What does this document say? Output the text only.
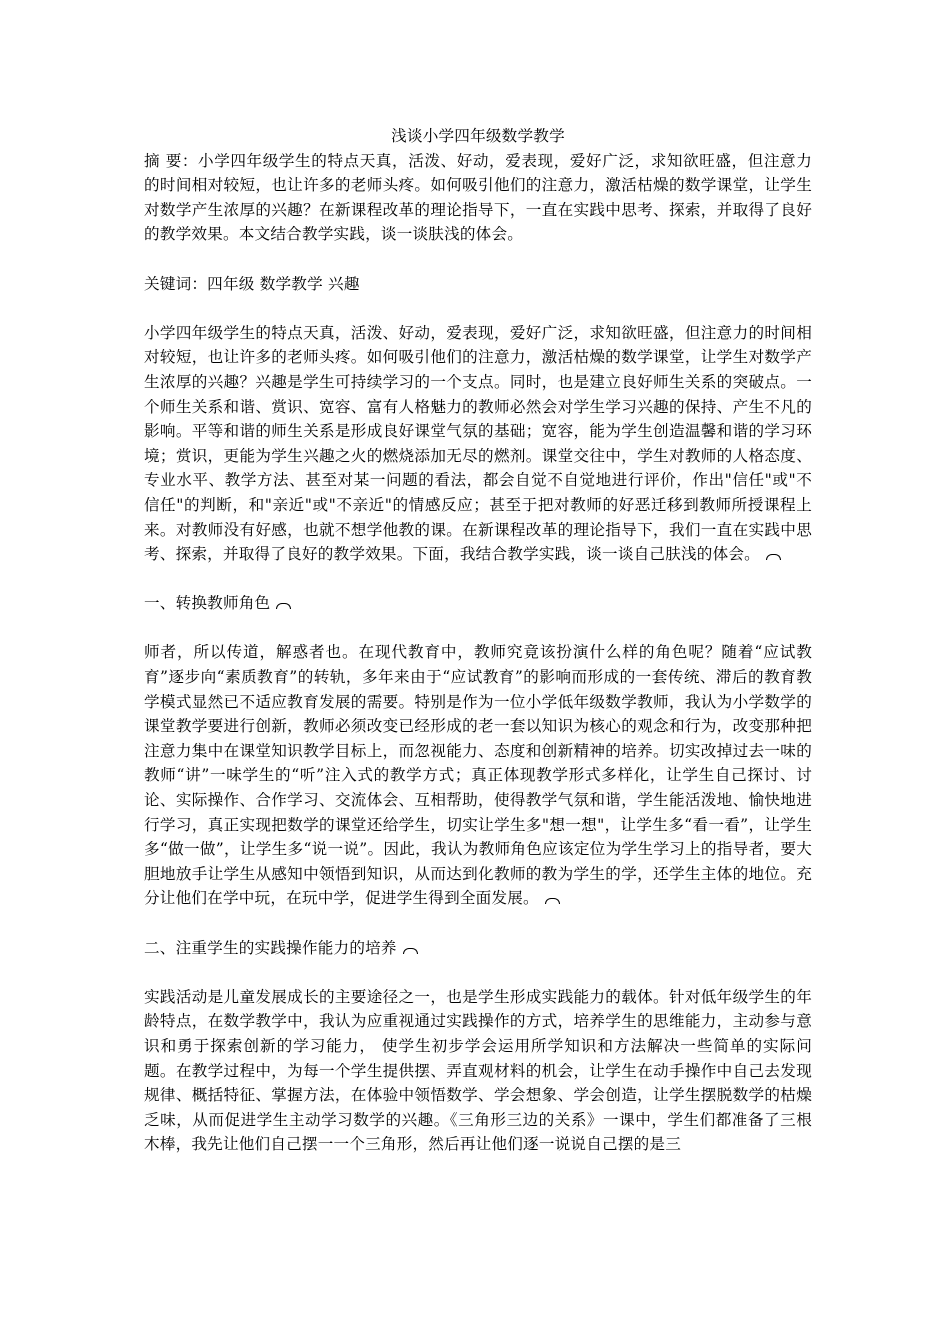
浅谈小学四年级数学教学

摘 要：小学四年级学生的特点天真，活泼、好动，爱表现，爱好广泛，求知欲旺盛，但注意力的时间相对较短，也让许多的老师头疼。如何吸引他们的注意力，激活枯燥的数学课堂，让学生对数学产生浓厚的兴趣？在新课程改革的理论指导下，一直在实践中思考、探索，并取得了良好的教学效果。本文结合教学实践，谈一谈肤浅的体会。

关键词：四年级 数学教学 兴趣

小学四年级学生的特点天真，活泼、好动，爱表现，爱好广泛，求知欲旺盛，但注意力的时间相对较短，也让许多的老师头疼。如何吸引他们的注意力，激活枯燥的数学课堂，让学生对数学产生浓厚的兴趣？兴趣是学生可持续学习的一个支点。同时，也是建立良好师生关系的突破点。一个师生关系和谐、赏识、宽容、富有人格魅力的教师必然会对学生学习兴趣的保持、产生不凡的影响。平等和谐的师生关系是形成良好课堂气氛的基础；宽容，能为学生创造温馨和谐的学习环境；赏识，更能为学生兴趣之火的燃烧添加无尽的燃剂。课堂交往中，学生对教师的人格态度、专业水平、教学方法、甚至对某一问题的看法，都会自觉不自觉地进行评价，作出"信任"或"不信任"的判断，和"亲近"或"不亲近"的情感反应；甚至于把对教师的好恶迁移到教师所授课程上来。对教师没有好感，也就不想学他教的课。在新课程改革的理论指导下，我们一直在实践中思考、探索，并取得了良好的教学效果。下面，我结合教学实践，谈一谈自己肤浅的体会。

一、转换教师角色

师者，所以传道，解惑者也。在现代教育中，教师究竟该扮演什么样的角色呢？随着“应试教育”逐步向“素质教育”的转轨，多年来由于“应试教育”的影响而形成的一套传统、滞后的教育教学模式显然已不适应教育发展的需要。特别是作为一位小学低年级数学教师，我认为小学数学的课堂教学要进行创新，教师必须改变已经形成的老一套以知识为核心的观念和行为，改变那种把注意力集中在课堂知识教学目标上，而忽视能力、态度和创新精神的培养。切实改掉过去一味的教师“讲”一味学生的“听”注入式的教学方式；真正体现教学形式多样化，让学生自己探讨、讨论、实际操作、合作学习、交流体会、互相帮助，使得教学气氛和谐，学生能活泼地、愉快地进行学习，真正实现把数学的课堂还给学生，切实让学生多"想一想"，让学生多“看一看”，让学生多“做一做”，让学生多“说一说”。因此，我认为教师角色应该定位为学生学习上的指导者，要大胆地放手让学生从感知中领悟到知识，从而达到化教师的教为学生的学，还学生主体的地位。充分让他们在学中玩，在玩中学，促进学生得到全面发展。

二、注重学生的实践操作能力的培养

实践活动是儿童发展成长的主要途径之一，也是学生形成实践能力的载体。针对低年级学生的年龄特点，在数学教学中，我认为应重视通过实践操作的方式，培养学生的思维能力，主动参与意识和勇于探索创新的学习能力， 使学生初步学会运用所学知识和方法解决一些简单的实际问题。在教学过程中，为每一个学生提供摆、弄直观材料的机会，让学生在动手操作中自己去发现规律、概括特征、掌握方法，在体验中领悟数学、学会想象、学会创造，让学生摆脱数学的枯燥乏味，从而促进学生主动学习数学的兴趣。《三角形三边的关系》一课中，学生们都准备了三根木棒，我先让他们自己摆一一个三角形，然后再让他们逐一说说自己摆的是三
